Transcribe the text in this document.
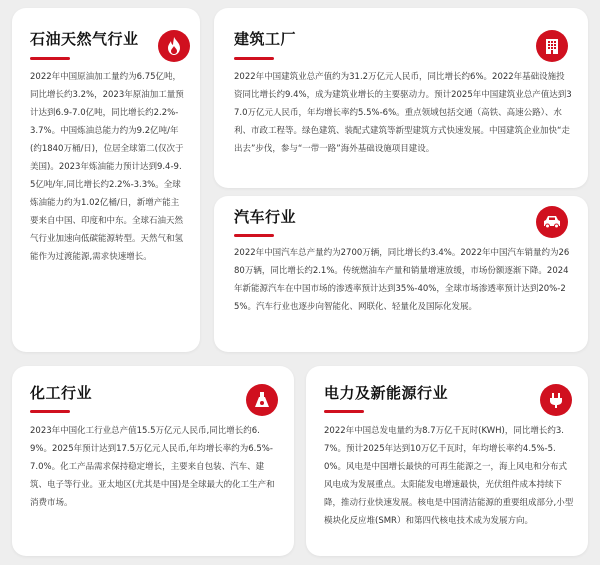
石油天然气行业
2022年中国原油加工量约为6.75亿吨，同比增长约3.2%，2023年原油加工量预计达到6.9-7.0亿吨，同比增长约2.2%-3.7%。中国炼油总能力约为9.2亿吨/年(约1840万桶/日)，位居全球第二(仅次于美国)。2023年炼油能力预计达到9.4-9.5亿吨/年,同比增长约2.2%-3.3%。全球炼油能力约为1.02亿桶/日，新增产能主要来自中国、印度和中东。全球石油天然气行业加速向低碳能源转型。天然气和氢能作为过渡能源,需求快速增长。
建筑工厂
2022年中国建筑业总产值约为31.2万亿元人民币，同比增长约6%。2022年基础设施投资同比增长约9.4%，成为建筑业增长的主要驱动力。预计2025年中国建筑业总产值达到37.0万亿元人民币，年均增长率约5.5%-6%。重点领域包括交通（高铁、高速公路）、水利、市政工程等。绿色建筑、装配式建筑等新型建筑方式快速发展。中国建筑企业加快“走出去”步伐，参与“一带一路”海外基础设施项目建设。
汽车行业
2022年中国汽车总产量约为2700万辆，同比增长约3.4%。2022年中国汽车销量约为2680万辆，同比增长约2.1%。传统燃油车产量和销量增速放缓，市场份额逐渐下降。2024年新能源汽车在中国市场的渗透率预计达到35%-40%，全球市场渗透率预计达到20%-25%。汽车行业也逐步向智能化、网联化、轻量化及国际化发展。
化工行业
2023年中国化工行业总产值15.5万亿元人民币,同比增长约6.9%。2025年预计达到17.5万亿元人民币,年均增长率约为6.5%-7.0%。化工产品需求保持稳定增长，主要来自包装、汽车、建筑、电子等行业。亚太地区(尤其是中国)是全球最大的化工生产和消费市场。
电力及新能源行业
2022年中国总发电量约为8.7万亿千瓦时(KWH)，同比增长约3.7%。预计2025年达到10万亿千瓦时，年均增长率约4.5%-5.0%。风电是中国增长最快的可再生能源之一，海上风电和分布式风电成为发展重点。太阳能发电增速最快，光伏组件成本持续下降，推动行业快速发展。核电是中国清洁能源的重要组成部分,小型模块化反应堆(SMR）和第四代核电技术成为发展方向。
